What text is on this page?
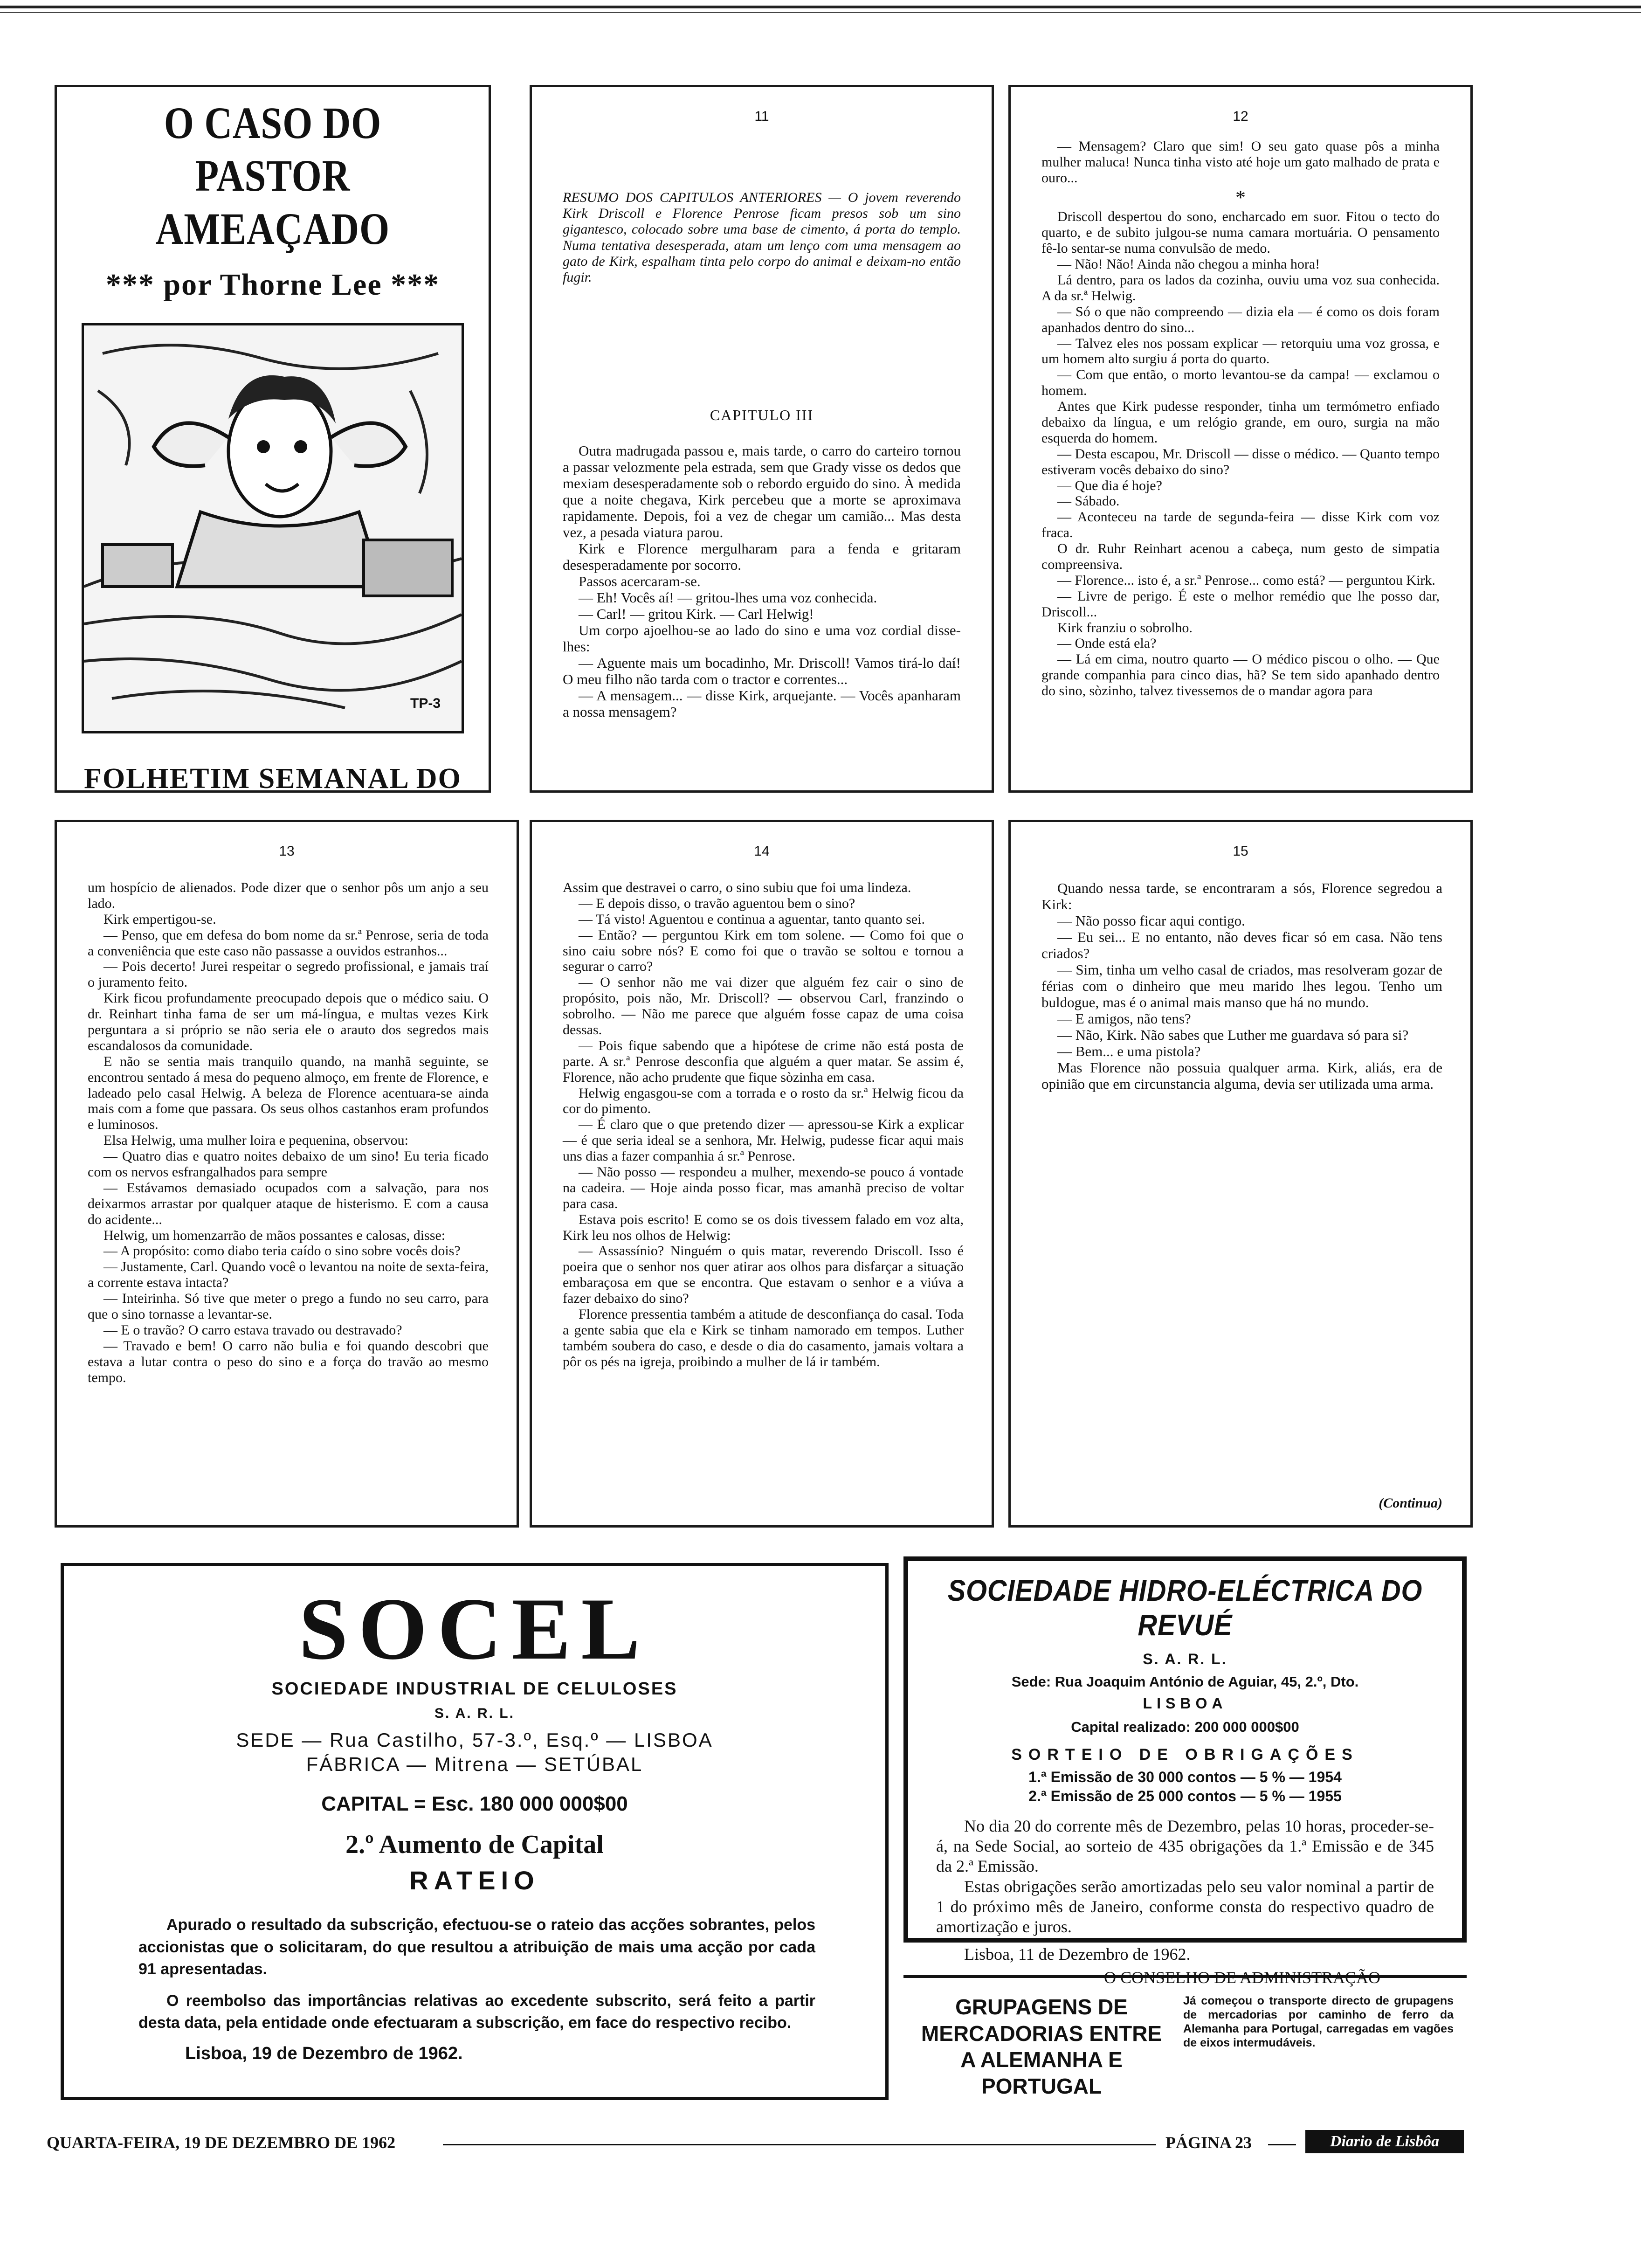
O CASO DO PASTOR
AMEAÇADO
*** por Thorne Lee ***
TP-3
FOLHETIM SEMANAL DO
11
RESUMO DOS CAPITULOS ANTERIORES — O jovem reverendo Kirk Driscoll e Florence Penrose ficam presos sob um sino gigantesco, colocado sobre uma base de cimento, á porta do templo. Numa tentativa desesperada, atam um lenço com uma mensagem ao gato de Kirk, espalham tinta pelo corpo do animal e deixam-no então fugir.
CAPITULO III

Outra madrugada passou e, mais tarde, o carro do carteiro tornou a passar velozmente pela estrada, sem que Grady visse os dedos que mexiam desesperadamente sob o rebordo erguido do sino. À medida que a noite chegava, Kirk percebeu que a morte se aproximava rapidamente. Depois, foi a vez de chegar um camião... Mas desta vez, a pesada viatura parou.

Kirk e Florence mergulharam para a fenda e gritaram desesperadamente por socorro.

Passos acercaram-se.

— Eh! Vocês aí! — gritou-lhes uma voz conhecida.

— Carl! — gritou Kirk. — Carl Helwig!

Um corpo ajoelhou-se ao lado do sino e uma voz cordial disse-lhes:

— Aguente mais um bocadinho, Mr. Driscoll! Vamos tirá-lo daí! O meu filho não tarda com o tractor e correntes...

— A mensagem... — disse Kirk, arquejante. — Vocês apanharam a nossa mensagem?

12

— Mensagem? Claro que sim! O seu gato quase pôs a minha mulher maluca! Nunca tinha visto até hoje um gato malhado de prata e ouro...

*

Driscoll despertou do sono, encharcado em suor. Fitou o tecto do quarto, e de subito julgou-se numa camara mortuária. O pensamento fê-lo sentar-se numa convulsão de medo.

— Não! Não! Ainda não chegou a minha hora!

Lá dentro, para os lados da cozinha, ouviu uma voz sua conhecida. A da sr.ª Helwig.

— Só o que não compreendo — dizia ela — é como os dois foram apanhados dentro do sino...

— Talvez eles nos possam explicar — retorquiu uma voz grossa, e um homem alto surgiu á porta do quarto.

— Com que então, o morto levantou-se da campa! — exclamou o homem.

Antes que Kirk pudesse responder, tinha um termómetro enfiado debaixo da língua, e um relógio grande, em ouro, surgia na mão esquerda do homem.

— Desta escapou, Mr. Driscoll — disse o médico. — Quanto tempo estiveram vocês debaixo do sino?

— Que dia é hoje?

— Sábado.

— Aconteceu na tarde de segunda-feira — disse Kirk com voz fraca.

O dr. Ruhr Reinhart acenou a cabeça, num gesto de simpatia compreensiva.

— Florence... isto é, a sr.ª Penrose... como está? — perguntou Kirk.

— Livre de perigo. É este o melhor remédio que lhe posso dar, Driscoll...

Kirk franziu o sobrolho.

— Onde está ela?

— Lá em cima, noutro quarto — O médico piscou o olho. — Que grande companhia para cinco dias, hã? Se tem sido apanhado dentro do sino, sòzinho, talvez tivessemos de o mandar agora para

13

um hospício de alienados. Pode dizer que o senhor pôs um anjo a seu lado.

Kirk empertigou-se.

— Penso, que em defesa do bom nome da sr.ª Penrose, seria de toda a conveniência que este caso não passasse a ouvidos estranhos...

— Pois decerto! Jurei respeitar o segredo profissional, e jamais traí o juramento feito.

Kirk ficou profundamente preocupado depois que o médico saiu. O dr. Reinhart tinha fama de ser um má-língua, e multas vezes Kirk perguntara a si próprio se não seria ele o arauto dos segredos mais escandalosos da comunidade.

E não se sentia mais tranquilo quando, na manhã seguinte, se encontrou sentado á mesa do pequeno almoço, em frente de Florence, e ladeado pelo casal Helwig. A beleza de Florence acentuara-se ainda mais com a fome que passara. Os seus olhos castanhos eram profundos e luminosos.

Elsa Helwig, uma mulher loira e pequenina, observou:

— Quatro dias e quatro noites debaixo de um sino! Eu teria ficado com os nervos esfrangalhados para sempre

— Estávamos demasiado ocupados com a salvação, para nos deixarmos arrastar por qualquer ataque de histerismo. E com a causa do acidente...

Helwig, um homenzarrão de mãos possantes e calosas, disse:

— A propósito: como diabo teria caído o sino sobre vocês dois?

— Justamente, Carl. Quando você o levantou na noite de sexta-feira, a corrente estava intacta?

— Inteirinha. Só tive que meter o prego a fundo no seu carro, para que o sino tornasse a levantar-se.

— E o travão? O carro estava travado ou destravado?

— Travado e bem! O carro não bulia e foi quando descobri que estava a lutar contra o peso do sino e a força do travão ao mesmo tempo.

14

Assim que destravei o carro, o sino subiu que foi uma lindeza.

— E depois disso, o travão aguentou bem o sino?

— Tá visto! Aguentou e continua a aguentar, tanto quanto sei.

— Então? — perguntou Kirk em tom solene. — Como foi que o sino caiu sobre nós? E como foi que o travão se soltou e tornou a segurar o carro?

— O senhor não me vai dizer que alguém fez cair o sino de propósito, pois não, Mr. Driscoll? — observou Carl, franzindo o sobrolho. — Não me parece que alguém fosse capaz de uma coisa dessas.

— Pois fique sabendo que a hipótese de crime não está posta de parte. A sr.ª Penrose desconfia que alguém a quer matar. Se assim é, Florence, não acho prudente que fique sòzinha em casa.

Helwig engasgou-se com a torrada e o rosto da sr.ª Helwig ficou da cor do pimento.

— É claro que o que pretendo dizer — apressou-se Kirk a explicar — é que seria ideal se a senhora, Mr. Helwig, pudesse ficar aqui mais uns dias a fazer companhia á sr.ª Penrose.

— Não posso — respondeu a mulher, mexendo-se pouco á vontade na cadeira. — Hoje ainda posso ficar, mas amanhã preciso de voltar para casa.

Estava pois escrito! E como se os dois tivessem falado em voz alta, Kirk leu nos olhos de Helwig:

— Assassínio? Ninguém o quis matar, reverendo Driscoll. Isso é poeira que o senhor nos quer atirar aos olhos para disfarçar a situação embaraçosa em que se encontra. Que estavam o senhor e a viúva a fazer debaixo do sino?

Florence pressentia também a atitude de desconfiança do casal. Toda a gente sabia que ela e Kirk se tinham namorado em tempos. Luther também soubera do caso, e desde o dia do casamento, jamais voltara a pôr os pés na igreja, proibindo a mulher de lá ir também.

15

Quando nessa tarde, se encontraram a sós, Florence segredou a Kirk:

— Não posso ficar aqui contigo.

— Eu sei... E no entanto, não deves ficar só em casa. Não tens criados?

— Sim, tinha um velho casal de criados, mas resolveram gozar de férias com o dinheiro que meu marido lhes legou. Tenho um buldogue, mas é o animal mais manso que há no mundo.

— E amigos, não tens?

— Não, Kirk. Não sabes que Luther me guardava só para si?

— Bem... e uma pistola?

Mas Florence não possuia qualquer arma. Kirk, aliás, era de opinião que em circunstancia alguma, devia ser utilizada uma arma.

(Continua)
SOCEL
SOCIEDADE INDUSTRIAL DE CELULOSES
S. A. R. L.
SEDE — Rua Castilho, 57-3.º, Esq.º — LISBOA
FÁBRICA — Mitrena — SETÚBAL
CAPITAL = Esc. 180 000 000$00
2.º Aumento de Capital
RATEIO

Apurado o resultado da subscrição, efectuou-se o rateio das acções sobrantes, pelos accionistas que o solicitaram, do que resultou a atribuição de mais uma acção por cada 91 apresentadas.

O reembolso das importâncias relativas ao excedente subscrito, será feito a partir desta data, pela entidade onde efectuaram a subscrição, em face do respectivo recibo.

Lisboa, 19 de Dezembro de 1962.
SOCIEDADE HIDRO-ELÉCTRICA DO REVUÉ
S. A. R. L.
Sede: Rua Joaquim António de Aguiar, 45, 2.º, Dto.
LISBOA
Capital realizado: 200 000 000$00
SORTEIO DE OBRIGAÇÕES
1.ª Emissão de 30 000 contos — 5 % — 1954
2.ª Emissão de 25 000 contos — 5 % — 1955

No dia 20 do corrente mês de Dezembro, pelas 10 horas, proceder-se-á, na Sede Social, ao sorteio de 435 obrigações da 1.ª Emissão e de 345 da 2.ª Emissão.

Estas obrigações serão amortizadas pelo seu valor nominal a partir de 1 do próximo mês de Janeiro, conforme consta do respectivo quadro de amortização e juros.

Lisboa, 11 de Dezembro de 1962.
O CONSELHO DE ADMINISTRAÇÃO
GRUPAGENS DE MERCADORIAS ENTRE A ALEMANHA E PORTUGAL
Já começou o transporte directo de grupagens de mercadorias por caminho de ferro da Alemanha para Portugal, carregadas em vagões de eixos intermudáveis.
QUARTA-FEIRA, 19 DE DEZEMBRO DE 1962	PÁGINA 23	Diario de Lisbôa
